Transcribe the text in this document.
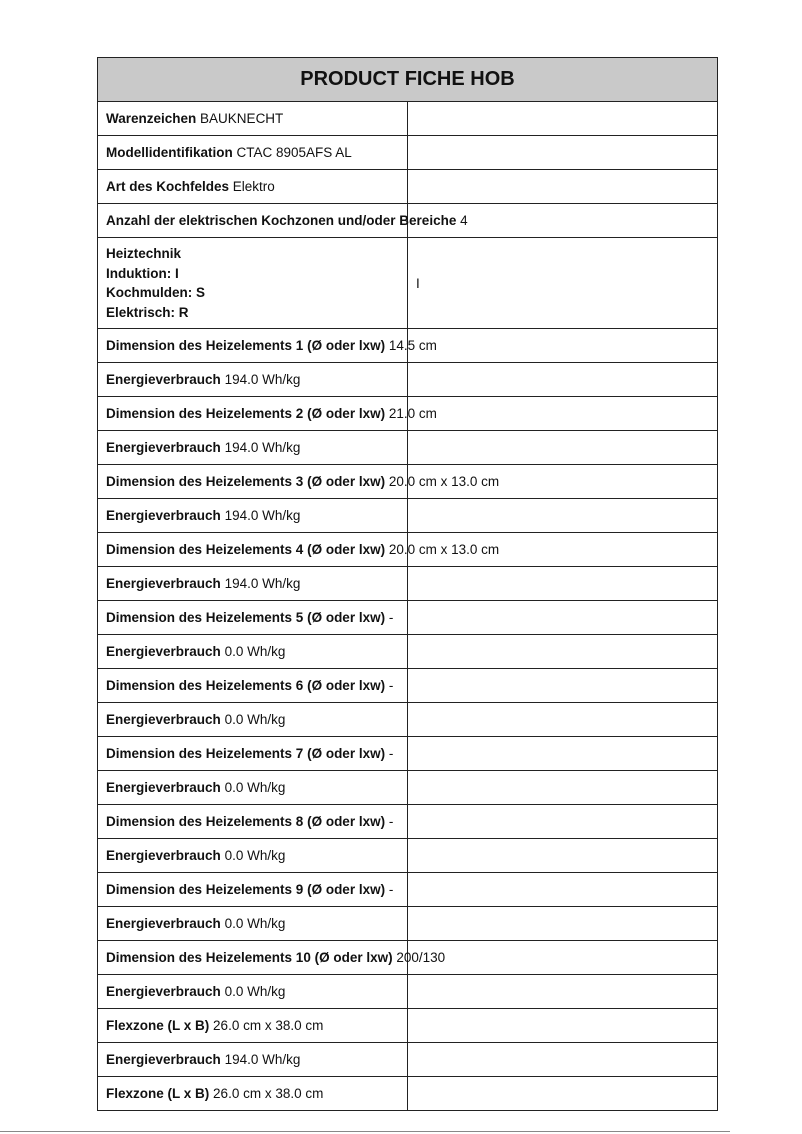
PRODUCT FICHE HOB	
Warenzeichen BAUKNECHT	
Modellidentifikation CTAC 8905AFS AL	
Art des Kochfeldes Elektro	
Anzahl der elektrischen Kochzonen und/oder Bereiche 4	

Heiztechnik
Induktion: I
Kochmulden: S
Elektrisch: R	I
Dimension des Heizelements 1 (Ø oder lxw) 14.5 cm	
Energieverbrauch 194.0 Wh/kg	
Dimension des Heizelements 2 (Ø oder lxw) 21.0 cm	
Energieverbrauch 194.0 Wh/kg	
Dimension des Heizelements 3 (Ø oder lxw) 20.0 cm x 13.0 cm	
Energieverbrauch 194.0 Wh/kg	
Dimension des Heizelements 4 (Ø oder lxw) 20.0 cm x 13.0 cm	
Energieverbrauch 194.0 Wh/kg	
Dimension des Heizelements 5 (Ø oder lxw) -	
Energieverbrauch 0.0 Wh/kg	
Dimension des Heizelements 6 (Ø oder lxw) -	
Energieverbrauch 0.0 Wh/kg	
Dimension des Heizelements 7 (Ø oder lxw) -	
Energieverbrauch 0.0 Wh/kg	
Dimension des Heizelements 8 (Ø oder lxw) -	
Energieverbrauch 0.0 Wh/kg	
Dimension des Heizelements 9 (Ø oder lxw) -	
Energieverbrauch 0.0 Wh/kg	
Dimension des Heizelements 10 (Ø oder lxw) 200/130	
Energieverbrauch 0.0 Wh/kg	
Flexzone (L x B) 26.0 cm x 38.0 cm	
Energieverbrauch 194.0 Wh/kg	
Flexzone (L x B) 26.0 cm x 38.0 cm	
